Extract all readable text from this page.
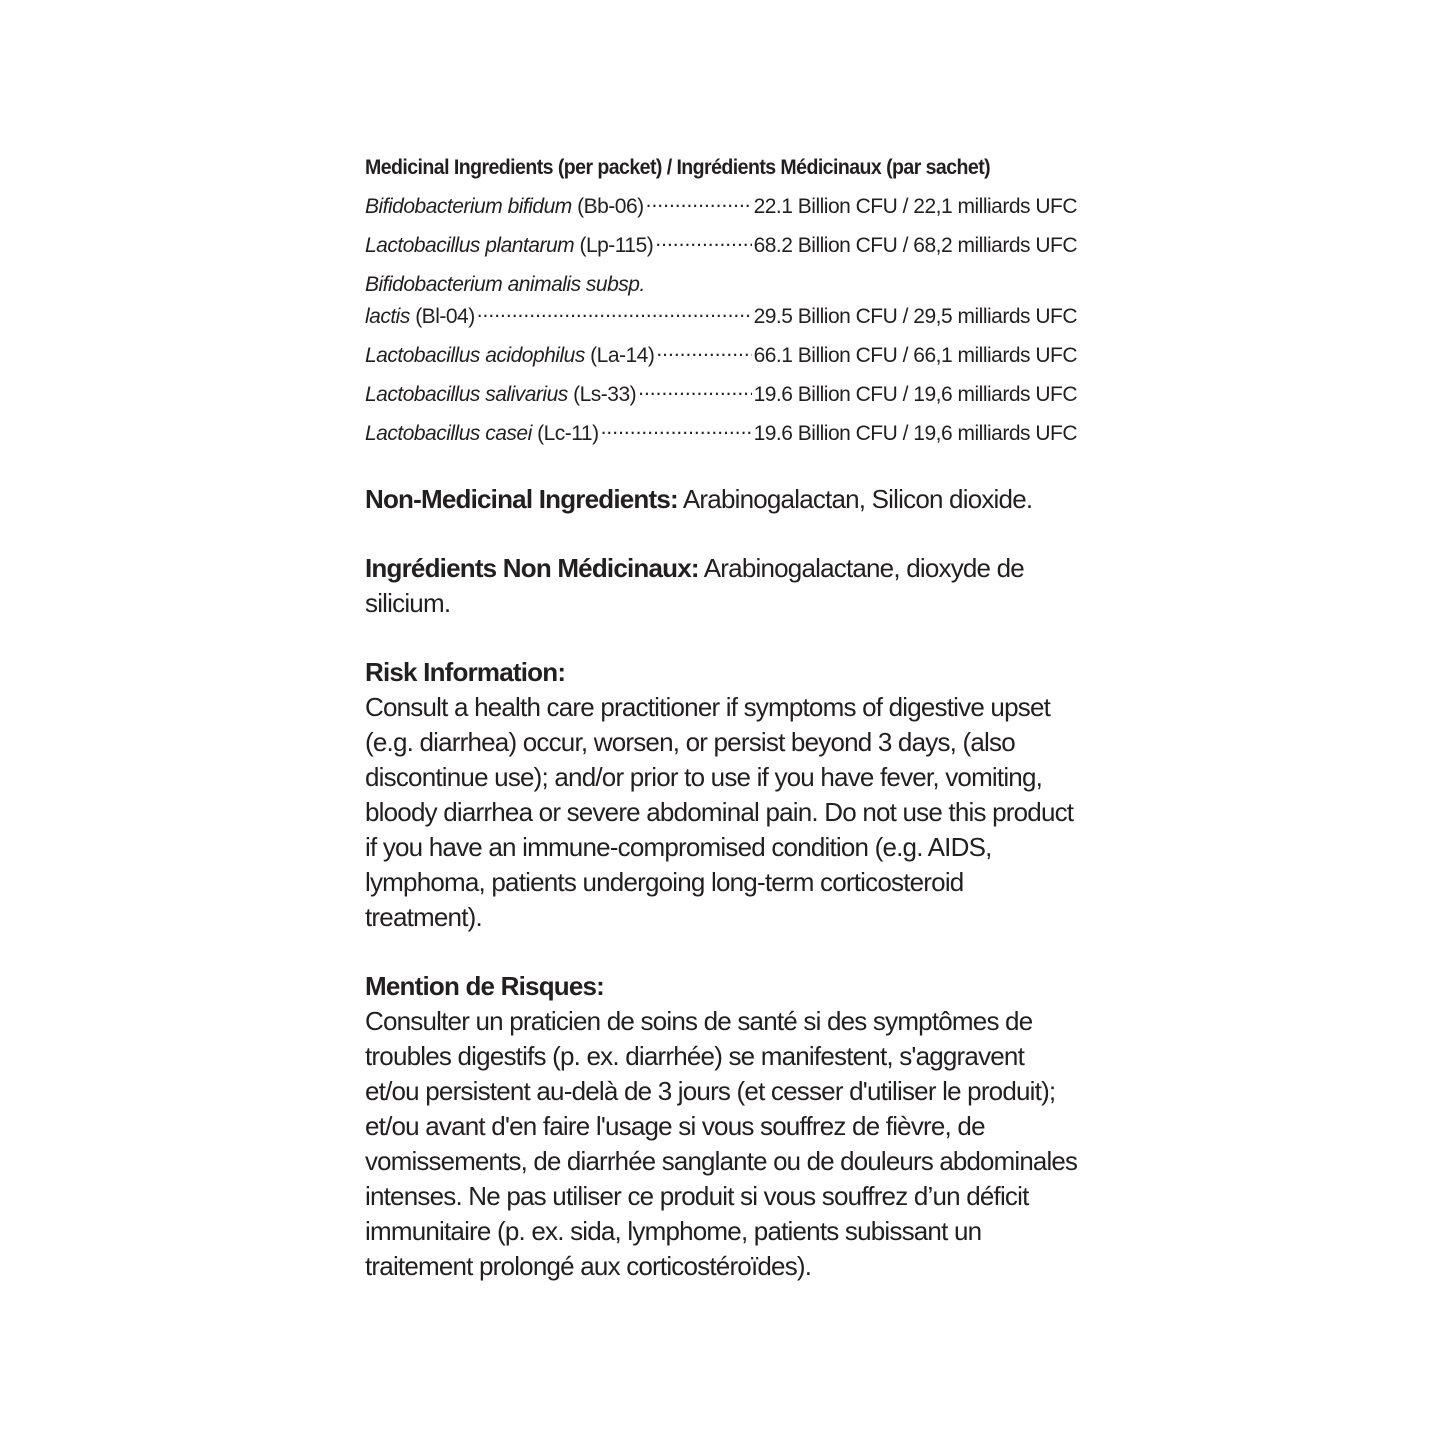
Medicinal Ingredients (per packet) / Ingrédients Médicinaux (par sachet)
Bifidobacterium bifidum (Bb-06) .....	22.1 Billion CFU / 22,1 milliards UFC
Lactobacillus plantarum (Lp-115) .....	68.2 Billion CFU / 68,2 milliards UFC
Bifidobacterium animalis subsp.
lactis (Bl-04) .....	29.5 Billion CFU / 29,5 milliards UFC
Lactobacillus acidophilus (La-14) .....	66.1 Billion CFU / 66,1 milliards UFC
Lactobacillus salivarius (Ls-33) .....	19.6 Billion CFU / 19,6 milliards UFC
Lactobacillus casei (Lc-11) .....	19.6 Billion CFU / 19,6 milliards UFC
Non-Medicinal Ingredients: Arabinogalactan, Silicon dioxide.
Ingrédients Non Médicinaux: Arabinogalactane, dioxyde de
silicium.
Risk Information:
Consult a health care practitioner if symptoms of digestive upset
(e.g. diarrhea) occur, worsen, or persist beyond 3 days, (also
discontinue use); and/or prior to use if you have fever, vomiting,
bloody diarrhea or severe abdominal pain. Do not use this product
if you have an immune-compromised condition (e.g. AIDS,
lymphoma, patients undergoing long-term corticosteroid
treatment).
Mention de Risques:
Consulter un praticien de soins de santé si des symptômes de
troubles digestifs (p. ex. diarrhée) se manifestent, s'aggravent
et/ou persistent au-delà de 3 jours (et cesser d'utiliser le produit);
et/ou avant d'en faire l'usage si vous souffrez de fièvre, de
vomissements, de diarrhée sanglante ou de douleurs abdominales
intenses. Ne pas utiliser ce produit si vous souffrez d’un déficit
immunitaire (p. ex. sida, lymphome, patients subissant un
traitement prolongé aux corticostéroïdes).
